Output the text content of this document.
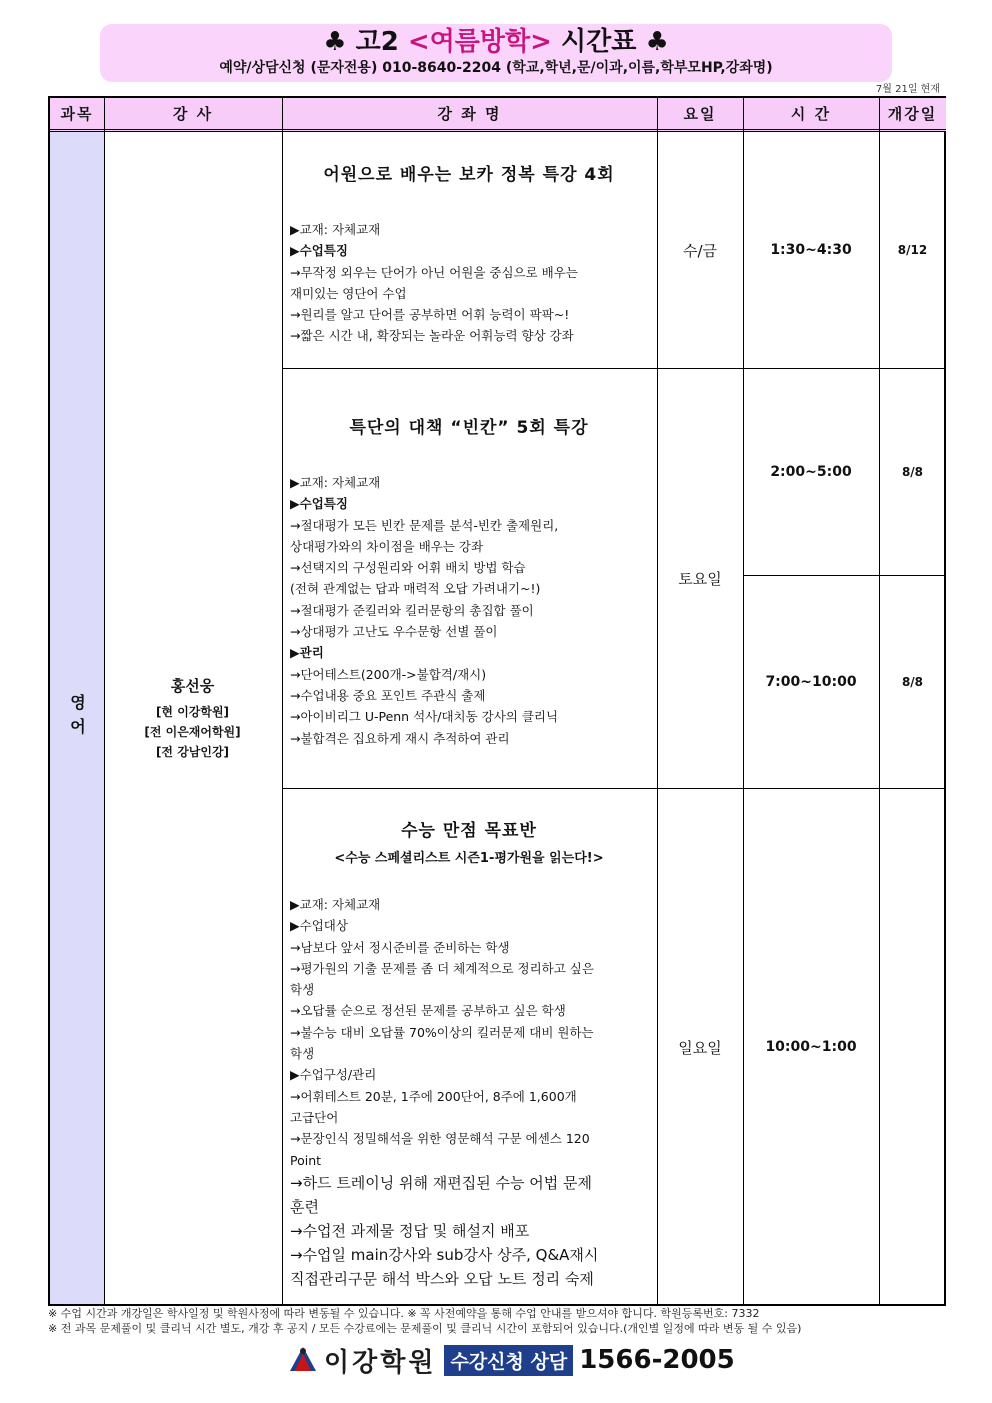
♣ 고2 <여름방학> 시간표 ♣
예약/상담신청 (문자전용) 010-8640-2204 (학교,학년,문/이과,이름,학부모HP,강좌명)
7월 21일 현재
과목	강 사	강 좌 명	요일	시 간	개강일
영어
홍선웅
[현 이강학원]
[전 이은재어학원]
[전 강남인강]
어원으로 배우는 보카 정복 특강 4회
▶교재: 자체교재
▶수업특징
→무작정 외우는 단어가 아닌 어원을 중심으로 배우는
재미있는 영단어 수업
→원리를 알고 단어를 공부하면 어휘 능력이 팍팍~!
→짧은 시간 내, 확장되는 놀라운 어휘능력 향상 강좌
수/금	1:30~4:30	8/12
특단의 대책 “빈칸” 5회 특강
▶교재: 자체교재
▶수업특징
→절대평가 모든 빈칸 문제를 분석-빈칸 출제원리,
상대평가와의 차이점을 배우는 강좌
→선택지의 구성원리와 어휘 배치 방법 학습
(전혀 관계없는 답과 매력적 오답 가려내기~!)
→절대평가 준킬러와 킬러문항의 총집합 풀이
→상대평가 고난도 우수문항 선별 풀이
▶관리
→단어테스트(200개->불합격/재시)
→수업내용 중요 포인트 주관식 출제
→아이비리그 U-Penn 석사/대치동 강사의 클리닉
→불합격은 집요하게 재시 추적하여 관리
토요일
2:00~5:00	8/8
7:00~10:00	8/8
수능 만점 목표반
<수능 스페셜리스트 시즌1-평가원을 읽는다!>
▶교재: 자체교재
▶수업대상
→남보다 앞서 정시준비를 준비하는 학생
→평가원의 기출 문제를 좀 더 체계적으로 정리하고 싶은
학생
→오답률 순으로 정선된 문제를 공부하고 싶은 학생
→불수능 대비 오답률 70%이상의 킬러문제 대비 원하는
학생
▶수업구성/관리
→어휘테스트 20분, 1주에 200단어, 8주에 1,600개
고급단어
→문장인식 정밀해석을 위한 영문해석 구문 에센스 120
Point
→하드 트레이닝 위해 재편집된 수능 어법 문제
훈련
→수업전 과제물 정답 및 해설지 배포
→수업일 main강사와 sub강사 상주, Q&A재시
직접관리구문 해석 박스와 오답 노트 정리 숙제
일요일	10:00~1:00
※ 수업 시간과 개강일은 학사일정 및 학원사정에 따라 변동될 수 있습니다. ※ 꼭 사전예약을 통해 수업 안내를 받으셔야 합니다. 학원등록번호: 7332
※ 전 과목 문제풀이 및 클리닉 시간 별도, 개강 후 공지 / 모든 수강료에는 문제풀이 및 클리닉 시간이 포함되어 있습니다.(개인별 일정에 따라 변동 될 수 있음)
이강학원 수강신청 상담 1566-2005
